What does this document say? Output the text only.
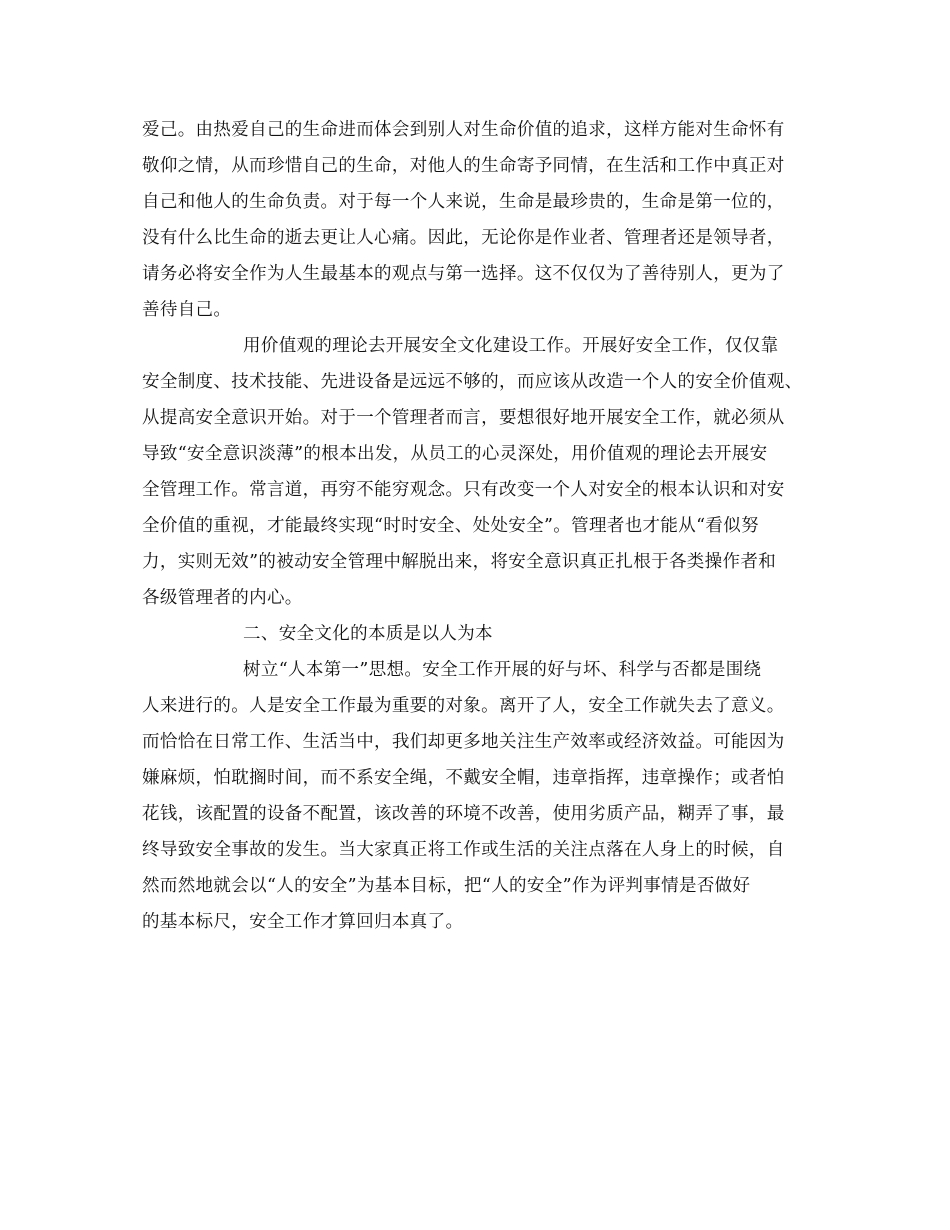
爱己。由热爱自己的生命进而体会到别人对生命价值的追求，这样方能对生命怀有
敬仰之情，从而珍惜自己的生命，对他人的生命寄予同情，在生活和工作中真正对
自己和他人的生命负责。对于每一个人来说，生命是最珍贵的，生命是第一位的，
没有什么比生命的逝去更让人心痛。因此，无论你是作业者、管理者还是领导者，
请务必将安全作为人生最基本的观点与第一选择。这不仅仅为了善待别人，更为了
善待自己。
用价值观的理论去开展安全文化建设工作。开展好安全工作，仅仅靠
安全制度、技术技能、先进设备是远远不够的，而应该从改造一个人的安全价值观、
从提高安全意识开始。对于一个管理者而言，要想很好地开展安全工作，就必须从
导致“安全意识淡薄”的根本出发，从员工的心灵深处，用价值观的理论去开展安
全管理工作。常言道，再穷不能穷观念。只有改变一个人对安全的根本认识和对安
全价值的重视，才能最终实现“时时安全、处处安全”。管理者也才能从“看似努
力，实则无效”的被动安全管理中解脱出来，将安全意识真正扎根于各类操作者和
各级管理者的内心。
二、安全文化的本质是以人为本
树立“人本第一”思想。安全工作开展的好与坏、科学与否都是围绕
人来进行的。人是安全工作最为重要的对象。离开了人，安全工作就失去了意义。
而恰恰在日常工作、生活当中，我们却更多地关注生产效率或经济效益。可能因为
嫌麻烦，怕耽搁时间，而不系安全绳，不戴安全帽，违章指挥，违章操作；或者怕
花钱，该配置的设备不配置，该改善的环境不改善，使用劣质产品，糊弄了事，最
终导致安全事故的发生。当大家真正将工作或生活的关注点落在人身上的时候，自
然而然地就会以“人的安全”为基本目标，把“人的安全”作为评判事情是否做好
的基本标尺，安全工作才算回归本真了。
